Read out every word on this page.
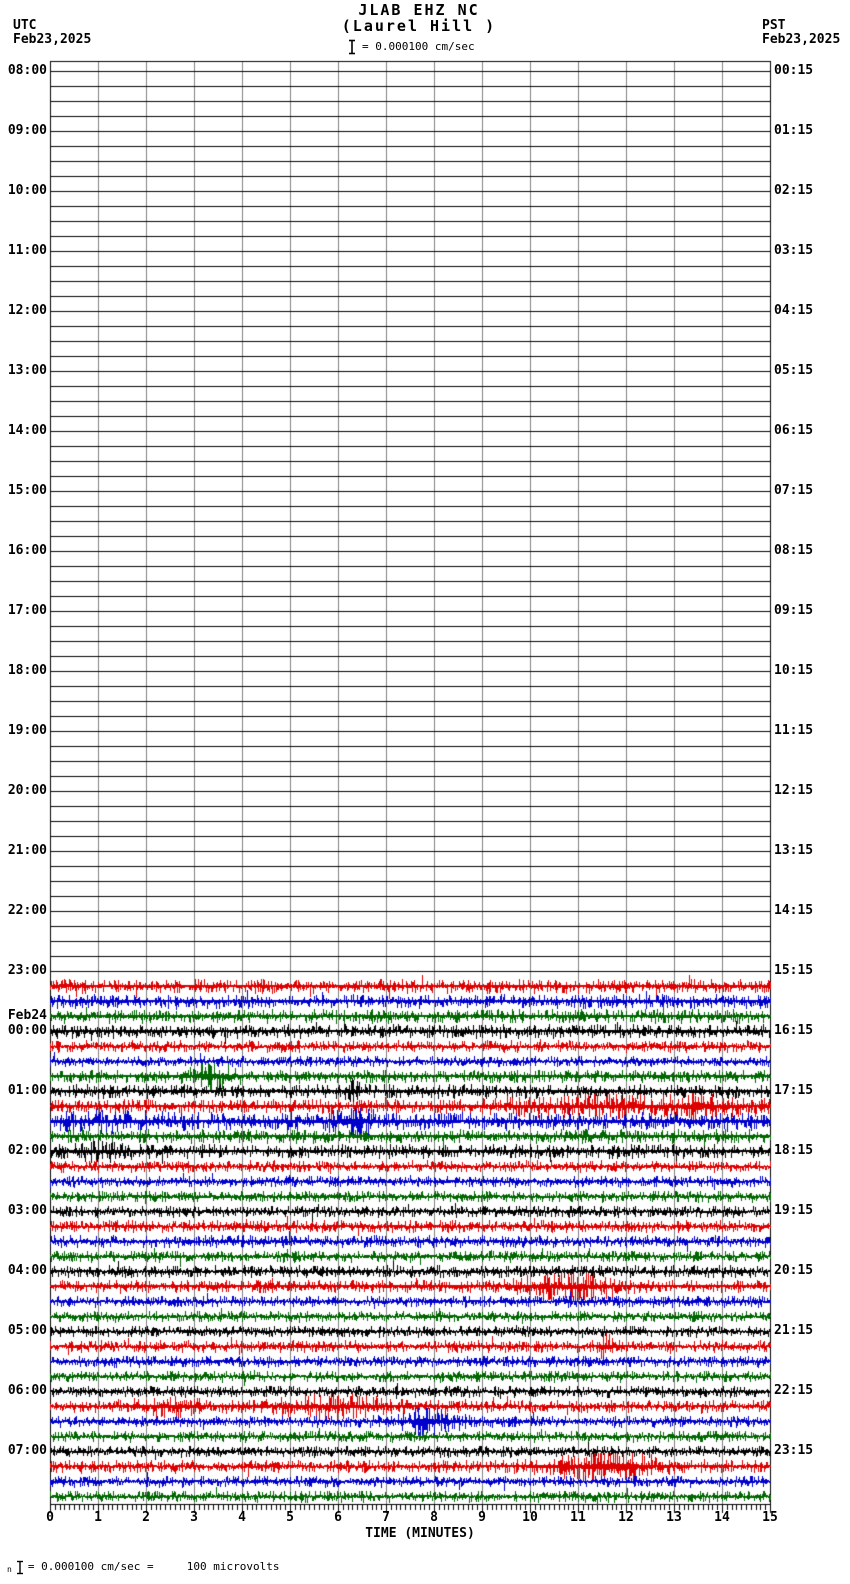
UTC
Feb23,2025
JLAB EHZ NC
(Laurel Hill )
= 0.000100 cm/sec
PST
Feb23,2025
08:00
09:00
10:00
11:00
12:00
13:00
14:00
15:00
16:00
17:00
18:00
19:00
20:00
21:00
22:00
23:00
00:00
01:00
02:00
03:00
04:00
05:00
06:00
07:00
Feb24
00:15
01:15
02:15
03:15
04:15
05:15
06:15
07:15
08:15
09:15
10:15
11:15
12:15
13:15
14:15
15:15
16:15
17:15
18:15
19:15
20:15
21:15
22:15
23:15
0	1	2	3	4	5	6	7	8	9	10	11	12	13	14	15
TIME (MINUTES)
n = 0.000100 cm/sec =     100 microvolts
